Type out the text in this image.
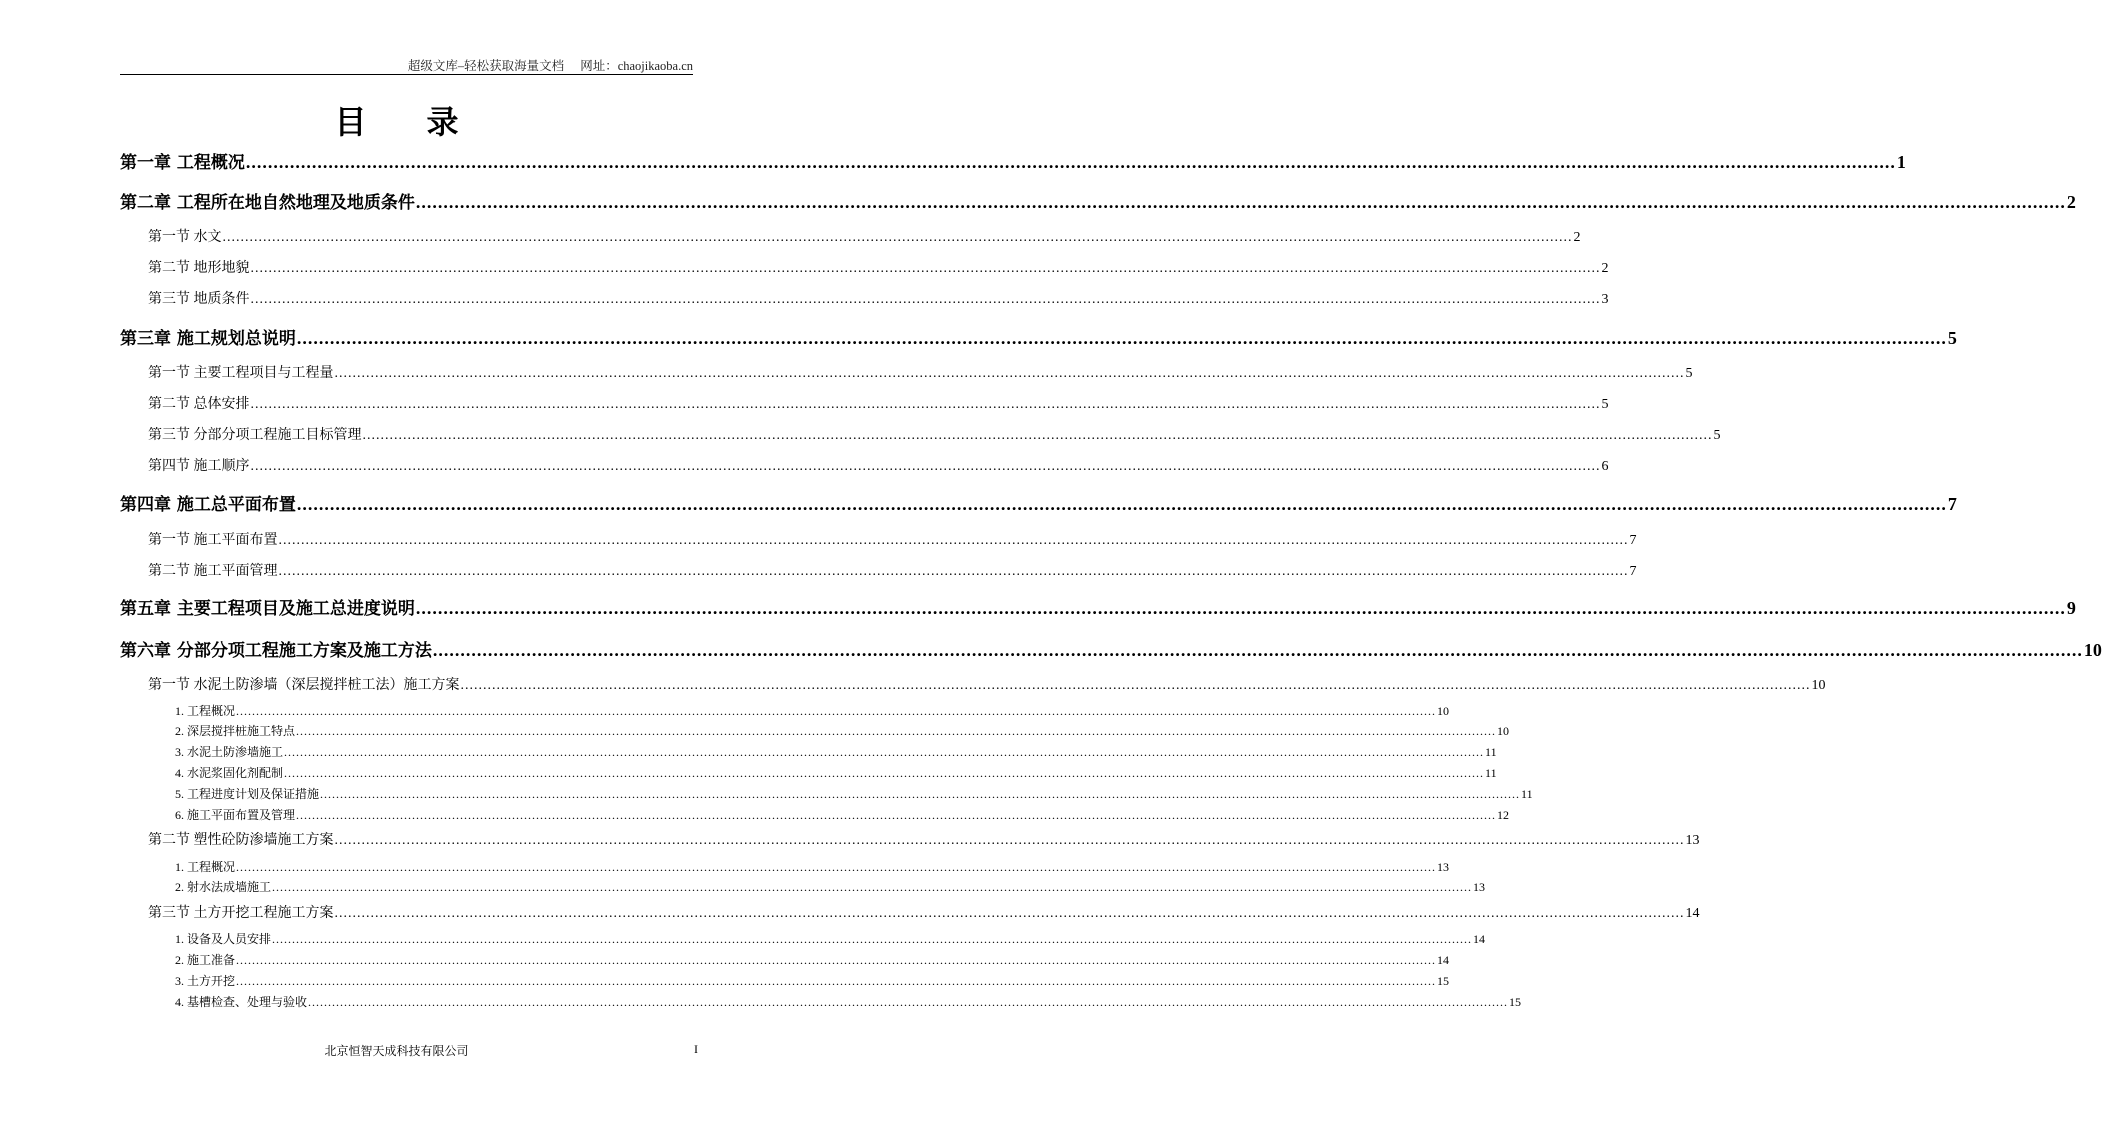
超级文库–轻松获取海量文档 网址：chaojikaoba.cn
目 录
第一章 工程概况 ............................................................................................................................................................................................................................................................................................................ 1
第二章 工程所在地自然地理及地质条件 ............................................................................................................................................................................................................................................................................................................ 2
第一节 水文 ............................................................................................................................................................................................................................................................................................................ 2
第二节 地形地貌 ............................................................................................................................................................................................................................................................................................................ 2
第三节 地质条件 ............................................................................................................................................................................................................................................................................................................ 3
第三章 施工规划总说明 ............................................................................................................................................................................................................................................................................................................ 5
第一节 主要工程项目与工程量 ............................................................................................................................................................................................................................................................................................................ 5
第二节 总体安排 ............................................................................................................................................................................................................................................................................................................ 5
第三节 分部分项工程施工目标管理 ............................................................................................................................................................................................................................................................................................................ 5
第四节 施工顺序 ............................................................................................................................................................................................................................................................................................................ 6
第四章 施工总平面布置 ............................................................................................................................................................................................................................................................................................................ 7
第一节 施工平面布置 ............................................................................................................................................................................................................................................................................................................ 7
第二节 施工平面管理 ............................................................................................................................................................................................................................................................................................................ 7
第五章 主要工程项目及施工总进度说明 ............................................................................................................................................................................................................................................................................................................ 9
第六章 分部分项工程施工方案及施工方法 ............................................................................................................................................................................................................................................................................................................ 10
第一节 水泥土防渗墙（深层搅拌桩工法）施工方案 ............................................................................................................................................................................................................................................................................................................ 10
1. 工程概况 ............................................................................................................................................................................................................................................................................................................ 10
2. 深层搅拌桩施工特点 ............................................................................................................................................................................................................................................................................................................ 10
3. 水泥土防渗墙施工 ............................................................................................................................................................................................................................................................................................................ 11
4. 水泥浆固化剂配制 ............................................................................................................................................................................................................................................................................................................ 11
5. 工程进度计划及保证措施 ............................................................................................................................................................................................................................................................................................................ 11
6. 施工平面布置及管理 ............................................................................................................................................................................................................................................................................................................ 12
第二节 塑性砼防渗墙施工方案 ............................................................................................................................................................................................................................................................................................................ 13
1. 工程概况 ............................................................................................................................................................................................................................................................................................................ 13
2. 射水法成墙施工 ............................................................................................................................................................................................................................................................................................................ 13
第三节 土方开挖工程施工方案 ............................................................................................................................................................................................................................................................................................................ 14
1. 设备及人员安排 ............................................................................................................................................................................................................................................................................................................ 14
2. 施工准备 ............................................................................................................................................................................................................................................................................................................ 14
3. 土方开挖 ............................................................................................................................................................................................................................................................................................................ 15
4. 基槽检查、处理与验收 ............................................................................................................................................................................................................................................................................................................ 15
北京恒智天成科技有限公司	I
